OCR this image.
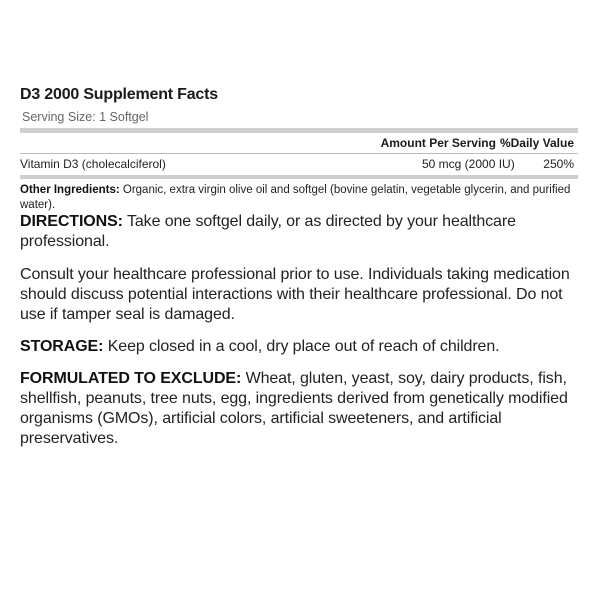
D3 2000 Supplement Facts
Serving Size: 1 Softgel
Amount Per Serving %Daily Value
Vitamin D3 (cholecalciferol)	50 mcg (2000 IU)	250%
Other Ingredients: Organic, extra virgin olive oil and softgel (bovine gelatin, vegetable glycerin, and purified water).

DIRECTIONS: Take one softgel daily, or as directed by your healthcare professional.

Consult your healthcare professional prior to use. Individuals taking medication should discuss potential interactions with their healthcare professional. Do not use if tamper seal is damaged.

STORAGE: Keep closed in a cool, dry place out of reach of children.

FORMULATED TO EXCLUDE: Wheat, gluten, yeast, soy, dairy products, fish, shellfish, peanuts, tree nuts, egg, ingredients derived from genetically modified organisms (GMOs), artificial colors, artificial sweeteners, and artificial preservatives.
